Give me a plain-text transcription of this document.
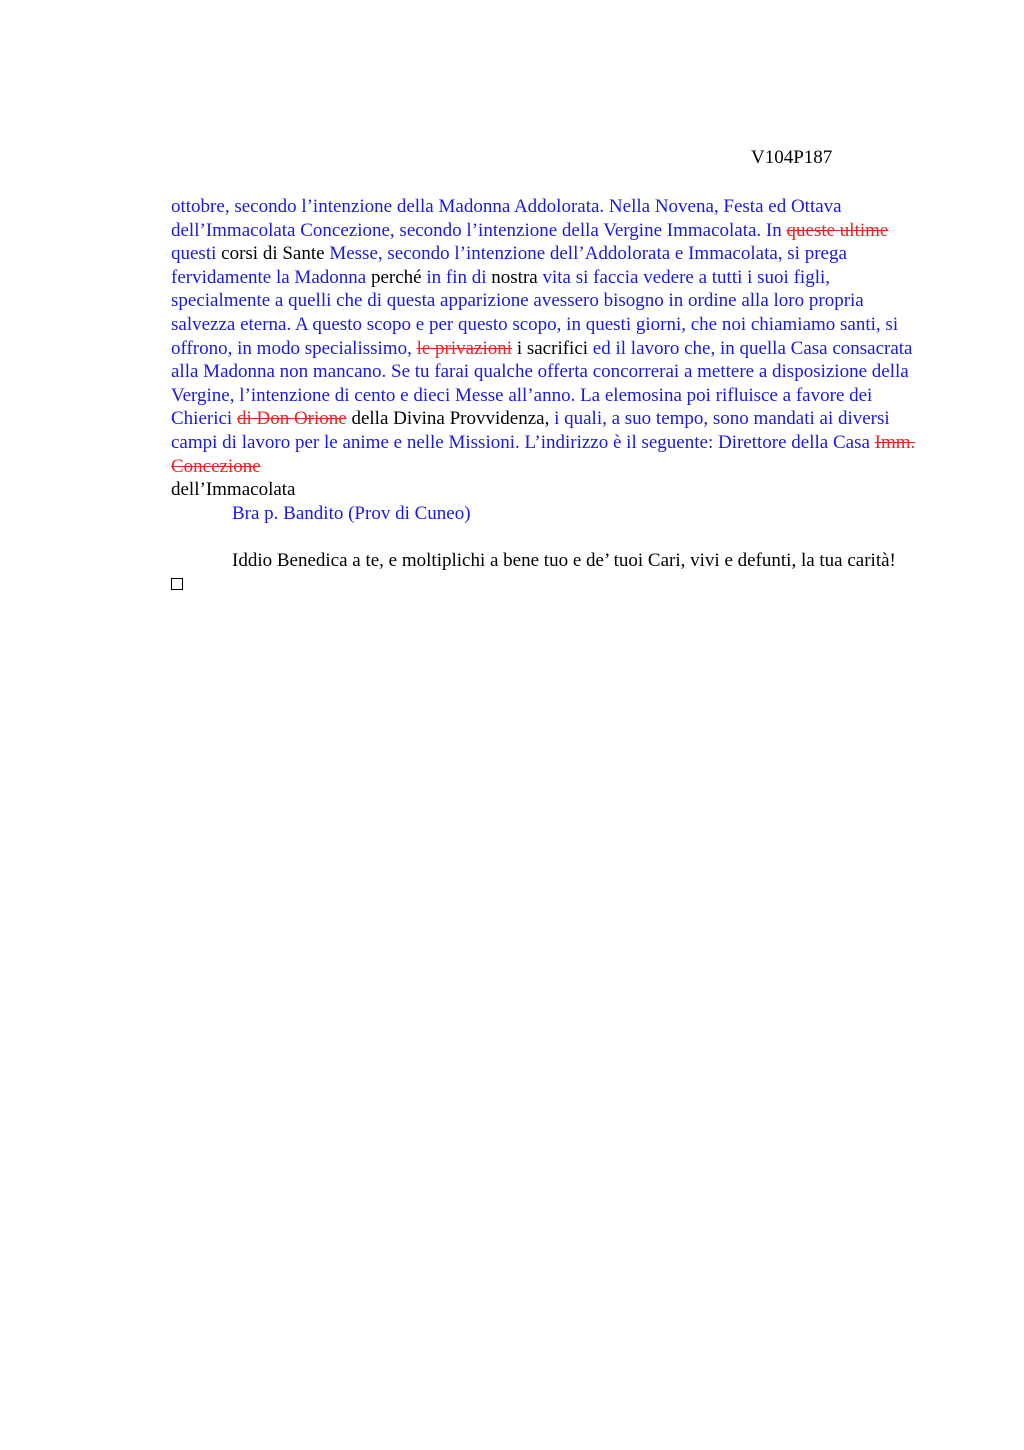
V104P187

ottobre, secondo l’intenzione della Madonna Addolorata. Nella Novena, Festa ed Ottava dell’Immacolata Concezione, secondo l’intenzione della Vergine Immacolata. In queste ultime questi corsi di Sante Messe, secondo l’intenzione dell’Addolorata e Immacolata, si prega fervidamente la Madonna perché in fin di nostra vita si faccia vedere a tutti i suoi figli, specialmente a quelli che di questa apparizione avessero bisogno in ordine alla loro propria salvezza eterna. A questo scopo e per questo scopo, in questi giorni, che noi chiamiamo santi, si offrono, in modo specialissimo, le privazioni i sacrifici ed il lavoro che, in quella Casa consacrata alla Madonna non mancano. Se tu farai qualche offerta concorrerai a mettere a disposizione della Vergine, l’intenzione di cento e dieci Messe all’anno. La elemosina poi rifluisce a favore dei Chierici di Don Orione della Divina Provvidenza, i quali, a suo tempo, sono mandati ai diversi campi di lavoro per le anime e nelle Missioni. L’indirizzo è il seguente: Direttore della Casa Imm. Concezione
dell’Immacolata

Bra p. Bandito (Prov di Cuneo)

Iddio Benedica a te, e moltiplichi a bene tuo e de’ tuoi Cari, vivi e defunti, la tua carità!
